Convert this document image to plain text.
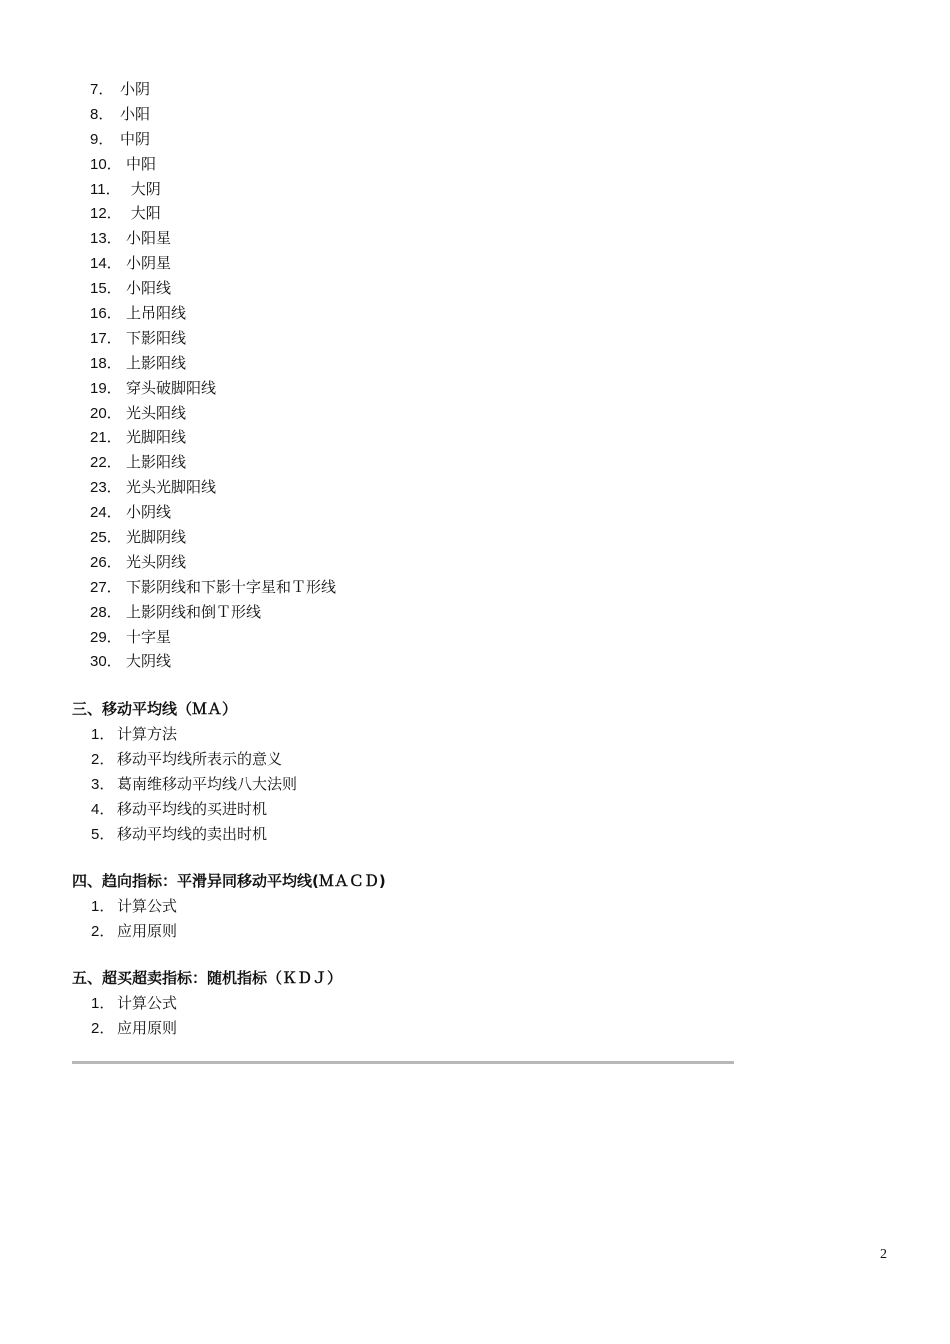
7． 小阴
8． 小阳
9． 中阴
10． 中阳
11． 大阴
12． 大阳
13． 小阳星
14． 小阴星
15． 小阳线
16． 上吊阳线
17． 下影阳线
18． 上影阳线
19． 穿头破脚阳线
20． 光头阳线
21． 光脚阳线
22． 上影阳线
23． 光头光脚阳线
24． 小阴线
25． 光脚阴线
26． 光头阴线
27． 下影阴线和下影十字星和Ｔ形线
28． 上影阴线和倒Ｔ形线
29． 十字星
30． 大阴线
三、移动平均线（ＭＡ）
1． 计算方法
2． 移动平均线所表示的意义
3． 葛南维移动平均线八大法则
4． 移动平均线的买进时机
5． 移动平均线的卖出时机
四、趋向指标：平滑异同移动平均线(ＭＡＣＤ)
1． 计算公式
2． 应用原则
五、超买超卖指标：随机指标（ＫＤＪ）
1． 计算公式
2． 应用原则
2
